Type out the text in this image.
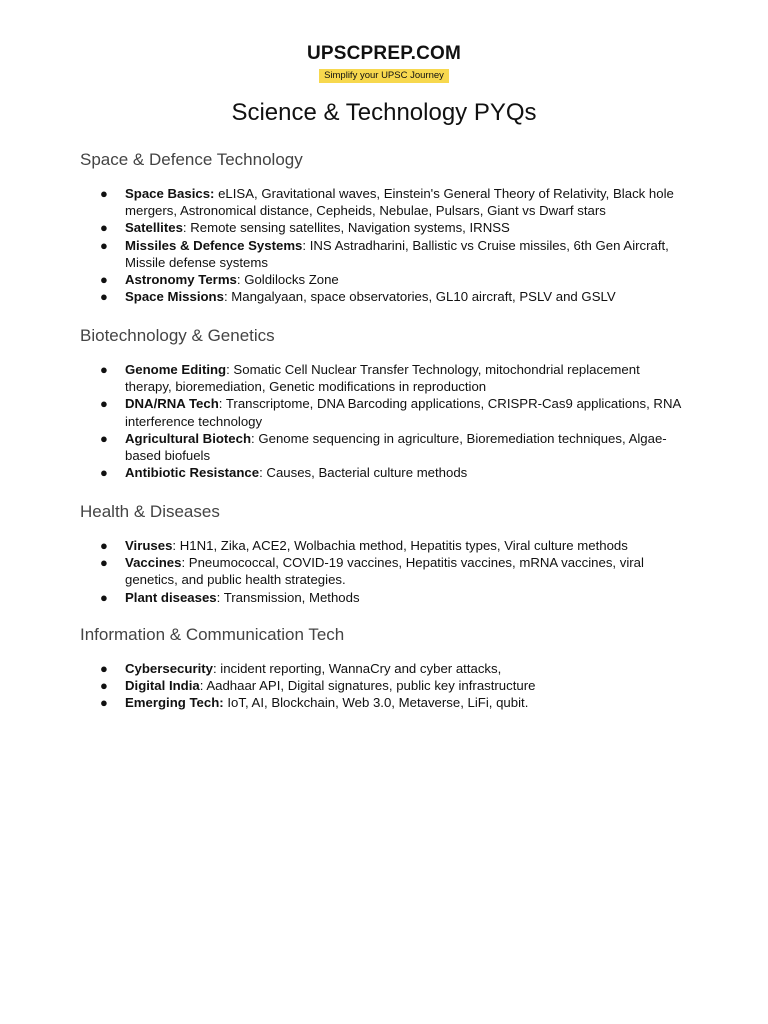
UPSCPREP.COM
Simplify your UPSC Journey
Science & Technology PYQs
Space & Defence Technology
● Space Basics: eLISA, Gravitational waves, Einstein's General Theory of Relativity, Black hole mergers, Astronomical distance, Cepheids, Nebulae, Pulsars, Giant vs Dwarf stars
● Satellites: Remote sensing satellites, Navigation systems, IRNSS
● Missiles & Defence Systems: INS Astradharini, Ballistic vs Cruise missiles, 6th Gen Aircraft, Missile defense systems
● Astronomy Terms: Goldilocks Zone
● Space Missions: Mangalyaan, space observatories, GL10 aircraft, PSLV and GSLV
Biotechnology & Genetics
● Genome Editing: Somatic Cell Nuclear Transfer Technology, mitochondrial replacement therapy, bioremediation, Genetic modifications in reproduction
● DNA/RNA Tech: Transcriptome, DNA Barcoding applications, CRISPR-Cas9 applications, RNA interference technology
● Agricultural Biotech: Genome sequencing in agriculture, Bioremediation techniques, Algae-based biofuels
● Antibiotic Resistance: Causes, Bacterial culture methods
Health & Diseases
● Viruses: H1N1, Zika, ACE2, Wolbachia method, Hepatitis types, Viral culture methods
● Vaccines: Pneumococcal, COVID-19 vaccines, Hepatitis vaccines, mRNA vaccines, viral genetics, and public health strategies.
● Plant diseases: Transmission, Methods
Information & Communication Tech
● Cybersecurity: incident reporting, WannaCry and cyber attacks,
● Digital India: Aadhaar API, Digital signatures, public key infrastructure
● Emerging Tech: IoT, AI, Blockchain, Web 3.0, Metaverse, LiFi, qubit.
